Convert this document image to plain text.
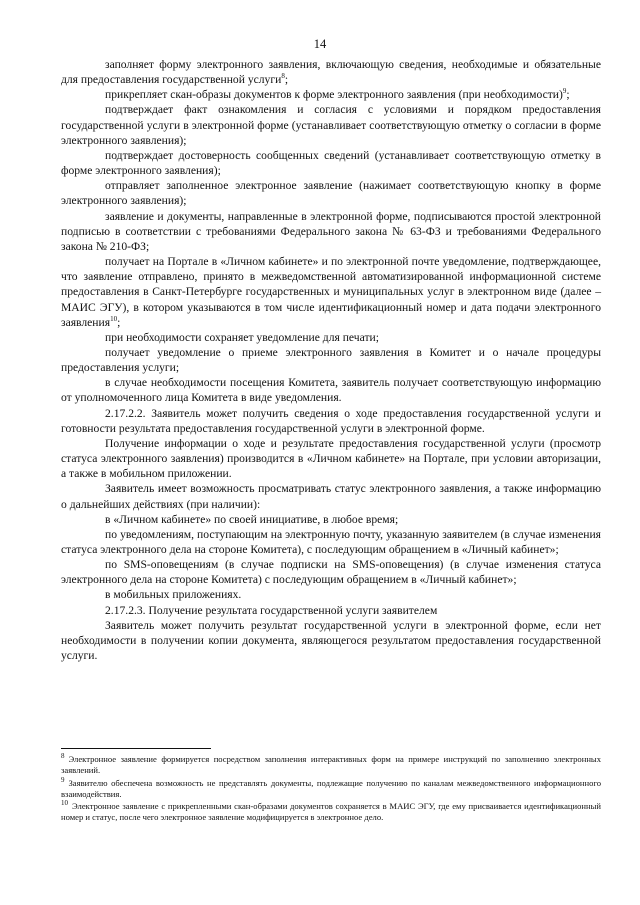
14

заполняет форму электронного заявления, включающую сведения, необходимые и обязательные для предоставления государственной услуги$^8$;

прикрепляет скан-образы документов к форме электронного заявления (при необходимости)$^9$;

подтверждает факт ознакомления и согласия с условиями и порядком предоставления государственной услуги в электронной форме (устанавливает соответствующую отметку о согласии в форме электронного заявления);

подтверждает достоверность сообщенных сведений (устанавливает соответствующую отметку в форме электронного заявления);

отправляет заполненное электронное заявление (нажимает соответствующую кнопку в форме электронного заявления);

заявление и документы, направленные в электронной форме, подписываются простой электронной подписью в соответствии с требованиями Федерального закона № 63-ФЗ и требованиями Федерального закона № 210-ФЗ;

получает на Портале в «Личном кабинете» и по электронной почте уведомление, подтверждающее, что заявление отправлено, принято в межведомственной автоматизированной информационной системе предоставления в Санкт-Петербурге государственных и муниципальных услуг в электронном виде (далее – МАИС ЭГУ), в котором указываются в том числе идентификационный номер и дата подачи электронного заявления$^{10}$;

при необходимости сохраняет уведомление для печати;

получает уведомление о приеме электронного заявления в Комитет и о начале процедуры предоставления услуги;

в случае необходимости посещения Комитета, заявитель получает соответствующую информацию от уполномоченного лица Комитета в виде уведомления.

2.17.2.2. Заявитель может получить сведения о ходе предоставления государственной услуги и готовности результата предоставления государственной услуги в электронной форме.

Получение информации о ходе и результате предоставления государственной услуги (просмотр статуса электронного заявления) производится в «Личном кабинете» на Портале, при условии авторизации, а также в мобильном приложении.

Заявитель имеет возможность просматривать статус электронного заявления, а также информацию о дальнейших действиях (при наличии):

в «Личном кабинете» по своей инициативе, в любое время;

по уведомлениям, поступающим на электронную почту, указанную заявителем (в случае изменения статуса электронного дела на стороне Комитета), с последующим обращением в «Личный кабинет»;

по SMS-оповещениям (в случае подписки на SMS-оповещения) (в случае изменения статуса электронного дела на стороне Комитета) с последующим обращением в «Личный кабинет»;

в мобильных приложениях.

2.17.2.3. Получение результата государственной услуги заявителем

Заявитель может получить результат государственной услуги в электронной форме, если нет необходимости в получении копии документа, являющегося результатом предоставления государственной услуги.

$^8$ Электронное заявление формируется посредством заполнения интерактивных форм на примере инструкций по заполнению электронных заявлений.

$^9$ Заявителю обеспечена возможность не представлять документы, подлежащие получению по каналам межведомственного информационного взаимодействия.

$^{10}$ Электронное заявление с прикрепленными скан-образами документов сохраняется в МАИС ЭГУ, где ему присваивается идентификационный номер и статус, после чего электронное заявление модифицируется в электронное дело.
